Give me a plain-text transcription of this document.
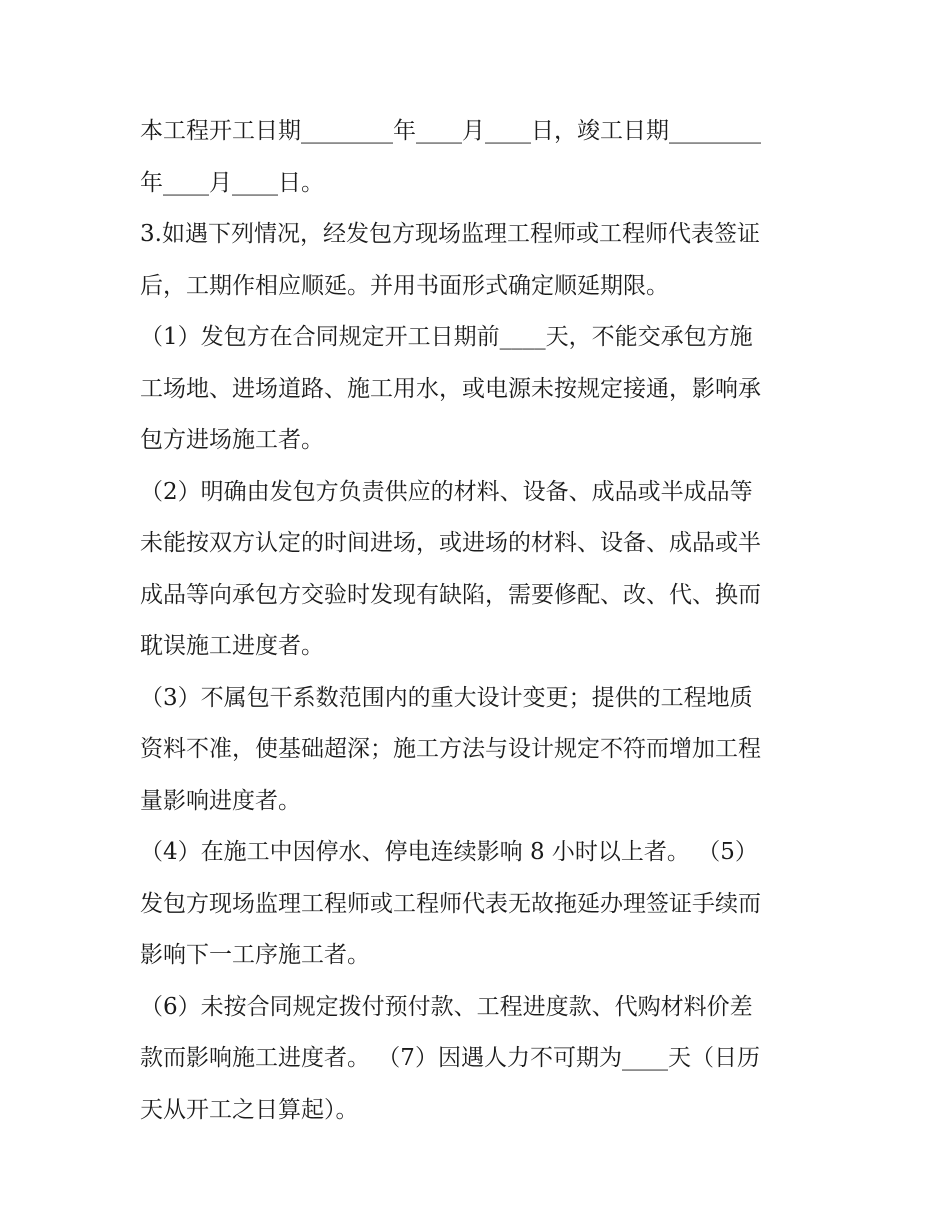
本工程开工日期________年____月____日，竣工日期________
年____月____日。
3.如遇下列情况，经发包方现场监理工程师或工程师代表签证
后，工期作相应顺延。并用书面形式确定顺延期限。
（1）发包方在合同规定开工日期前____天，不能交承包方施
工场地、进场道路、施工用水，或电源未按规定接通，影响承
包方进场施工者。
（2）明确由发包方负责供应的材料、设备、成品或半成品等
未能按双方认定的时间进场，或进场的材料、设备、成品或半
成品等向承包方交验时发现有缺陷，需要修配、改、代、换而
耽误施工进度者。
（3）不属包干系数范围内的重大设计变更；提供的工程地质
资料不准，使基础超深；施工方法与设计规定不符而增加工程
量影响进度者。
（4）在施工中因停水、停电连续影响 8 小时以上者。 （5）
发包方现场监理工程师或工程师代表无故拖延办理签证手续而
影响下一工序施工者。
（6）未按合同规定拨付预付款、工程进度款、代购材料价差
款而影响施工进度者。 （7）因遇人力不可期为____天（日历
天从开工之日算起）。
